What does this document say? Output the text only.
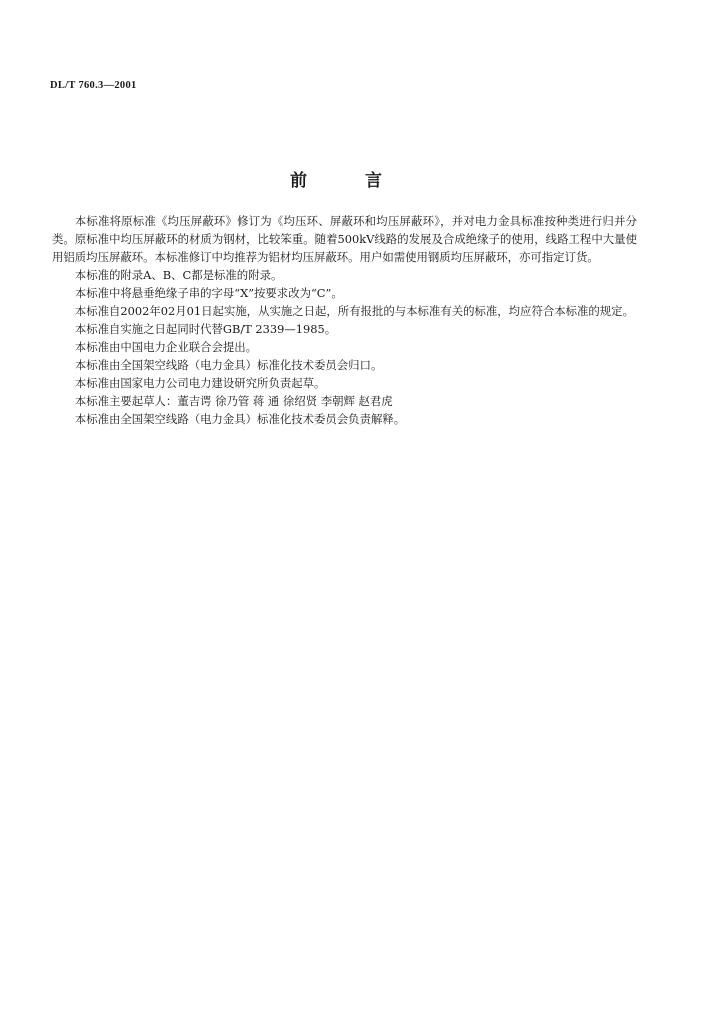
DL/T 760.3—2001
前言

本标准将原标准《均压屏蔽环》修订为《均压环、屏蔽环和均压屏蔽环》，并对电力金具标准按种类进行归并分类。原标准中均压屏蔽环的材质为钢材，比较笨重。随着500kV线路的发展及合成绝缘子的使用，线路工程中大量使用铝质均压屏蔽环。本标准修订中均推荐为铝材均压屏蔽环。用户如需使用钢质均压屏蔽环，亦可指定订货。

本标准的附录A、B、C都是标准的附录。

本标准中将悬垂绝缘子串的字母“X”按要求改为“C”。

本标准自2002年02月01日起实施，从实施之日起，所有报批的与本标准有关的标准，均应符合本标准的规定。

本标准自实施之日起同时代替GB/T 2339—1985。

本标准由中国电力企业联合会提出。

本标准由全国架空线路（电力金具）标准化技术委员会归口。

本标准由国家电力公司电力建设研究所负责起草。

本标准主要起草人：董吉谔 徐乃管 蒋 通 徐绍贤 李朝辉 赵君虎

本标准由全国架空线路（电力金具）标准化技术委员会负责解释。
